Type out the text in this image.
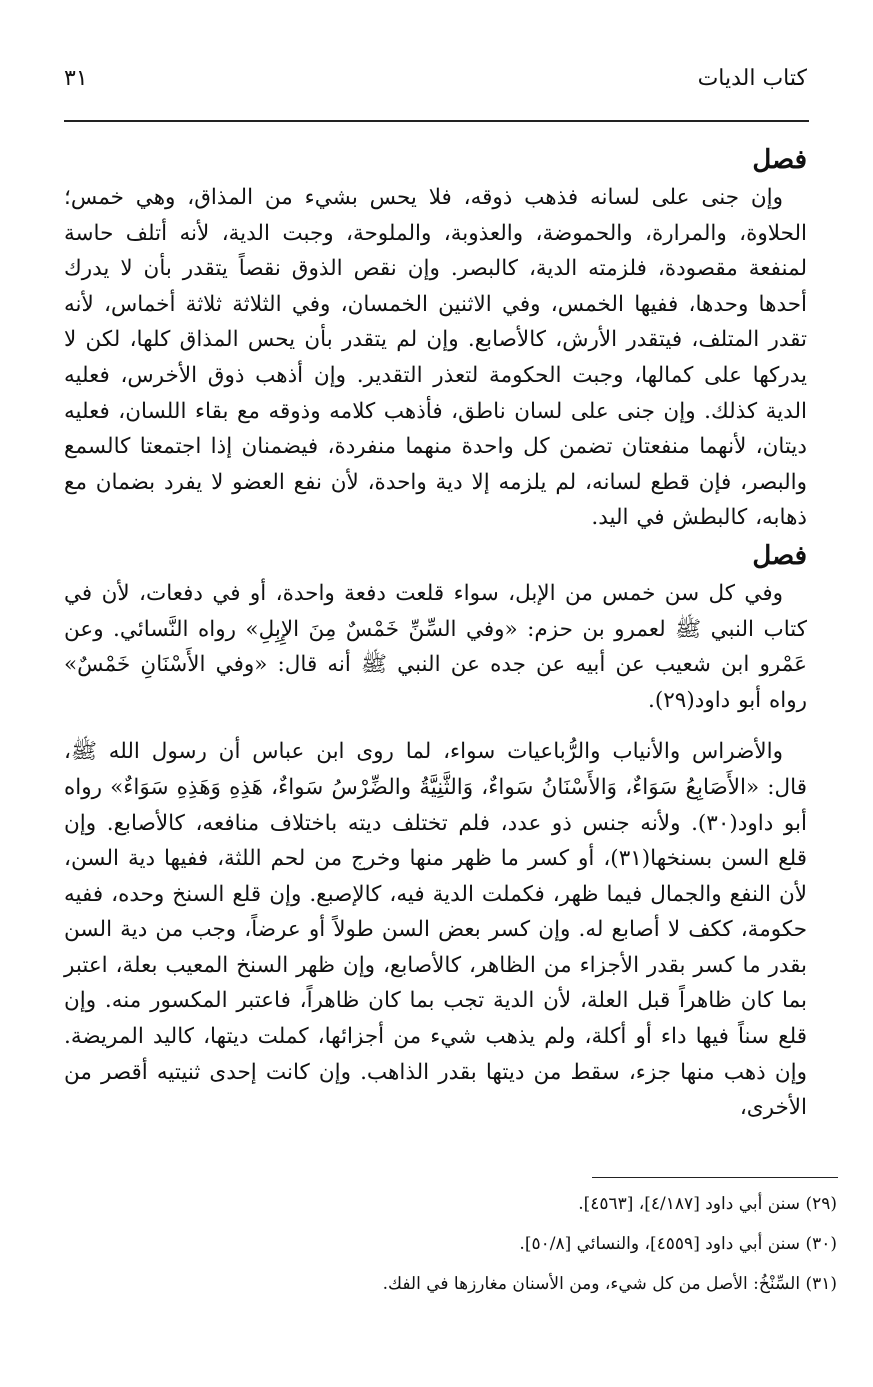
كتاب الديات
٣١
فصل

وإن جنى على لسانه فذهب ذوقه، فلا يحس بشيء من المذاق، وهي خمس؛ الحلاوة، والمرارة، والحموضة، والعذوبة، والملوحة، وجبت الدية، لأنه أتلف حاسة لمنفعة مقصودة، فلزمته الدية، كالبصر. وإن نقص الذوق نقصاً يتقدر بأن لا يدرك أحدها وحدها، ففيها الخمس، وفي الاثنين الخمسان، وفي الثلاثة ثلاثة أخماس، لأنه تقدر المتلف، فيتقدر الأرش، كالأصابع. وإن لم يتقدر بأن يحس المذاق كلها، لكن لا يدركها على كمالها، وجبت الحكومة لتعذر التقدير. وإن أذهب ذوق الأخرس، فعليه الدية كذلك. وإن جنى على لسان ناطق، فأذهب كلامه وذوقه مع بقاء اللسان، فعليه ديتان، لأنهما منفعتان تضمن كل واحدة منهما منفردة، فيضمنان إذا اجتمعتا كالسمع والبصر، فإن قطع لسانه، لم يلزمه إلا دية واحدة، لأن نفع العضو لا يفرد بضمان مع ذهابه، كالبطش في اليد.

فصل

وفي كل سن خمس من الإبل، سواء قلعت دفعة واحدة، أو في دفعات، لأن في كتاب النبي ﷺ لعمرو بن حزم: «وفي السِّنِّ خَمْسٌ مِنَ الإِبِلِ» رواه النَّسائي. وعن عَمْرو ابن شعيب عن أبيه عن جده عن النبي ﷺ أنه قال: «وفي الأَسْنَانِ خَمْسٌ» رواه أبو داود(٢٩).

والأضراس والأنياب والرُّباعيات سواء، لما روى ابن عباس أن رسول الله ﷺ، قال: «الأَصَابِعُ سَوَاءٌ، وَالأَسْنَانُ سَواءٌ، وَالثَّنِيَّةُ والضِّرْسُ سَواءٌ، هَذِهِ وَهَذِهِ سَوَاءٌ» رواه أبو داود(٣٠). ولأنه جنس ذو عدد، فلم تختلف ديته باختلاف منافعه، كالأصابع. وإن قلع السن بسنخها(٣١)، أو كسر ما ظهر منها وخرج من لحم اللثة، ففيها دية السن، لأن النفع والجمال فيما ظهر، فكملت الدية فيه، كالإصبع. وإن قلع السنخ وحده، ففيه حكومة، ككف لا أصابع له. وإن كسر بعض السن طولاً أو عرضاً، وجب من دية السن بقدر ما كسر بقدر الأجزاء من الظاهر، كالأصابع، وإن ظهر السنخ المعيب بعلة، اعتبر بما كان ظاهراً قبل العلة، لأن الدية تجب بما كان ظاهراً، فاعتبر المكسور منه. وإن قلع سناً فيها داء أو أكلة، ولم يذهب شيء من أجزائها، كملت ديتها، كاليد المريضة. وإن ذهب منها جزء، سقط من ديتها بقدر الذاهب. وإن كانت إحدى ثنيتيه أقصر من الأخرى،

(٢٩) سنن أبي داود [٤/١٨٧]، [٤٥٦٣].
(٣٠) سنن أبي داود [٤٥٥٩]، والنسائي [٥٠/٨].
(٣١) السِّنْخُ: الأصل من كل شيء، ومن الأسنان مغارزها في الفك.
